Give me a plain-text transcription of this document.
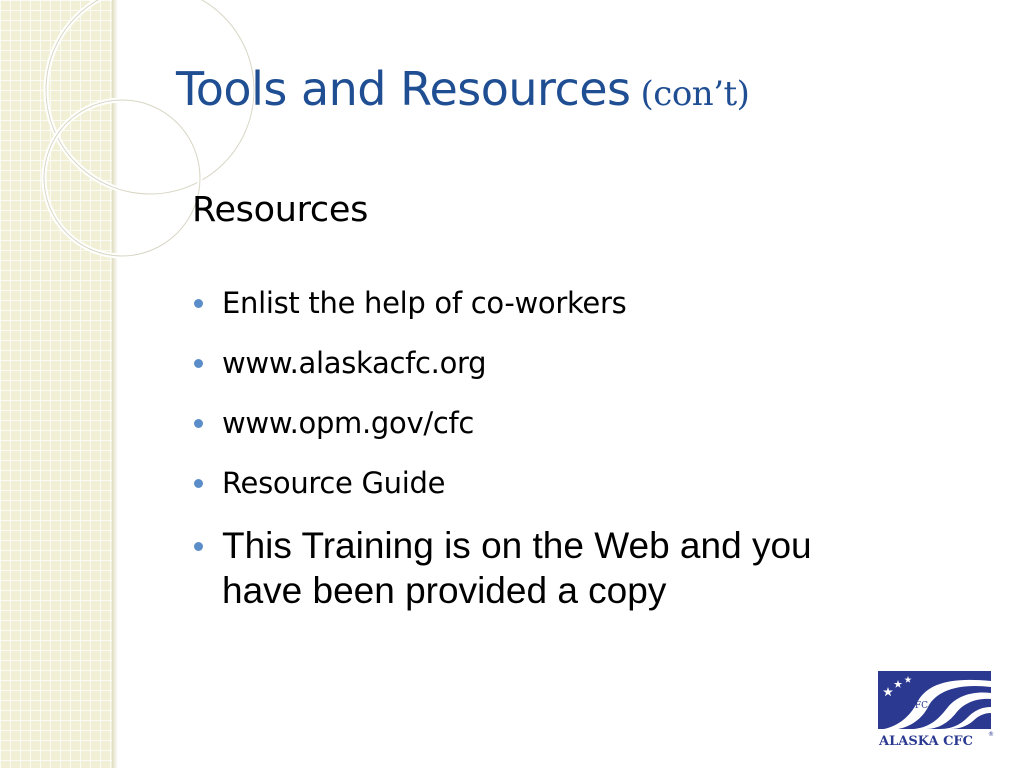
Tools and Resources (con’t)
Resources
Enlist the help of co-workers
www.alaskacfc.org
www.opm.gov/cfc
Resource Guide
This Training is on the Web and you have been provided a copy
CFC
ALASKA CFC ®
